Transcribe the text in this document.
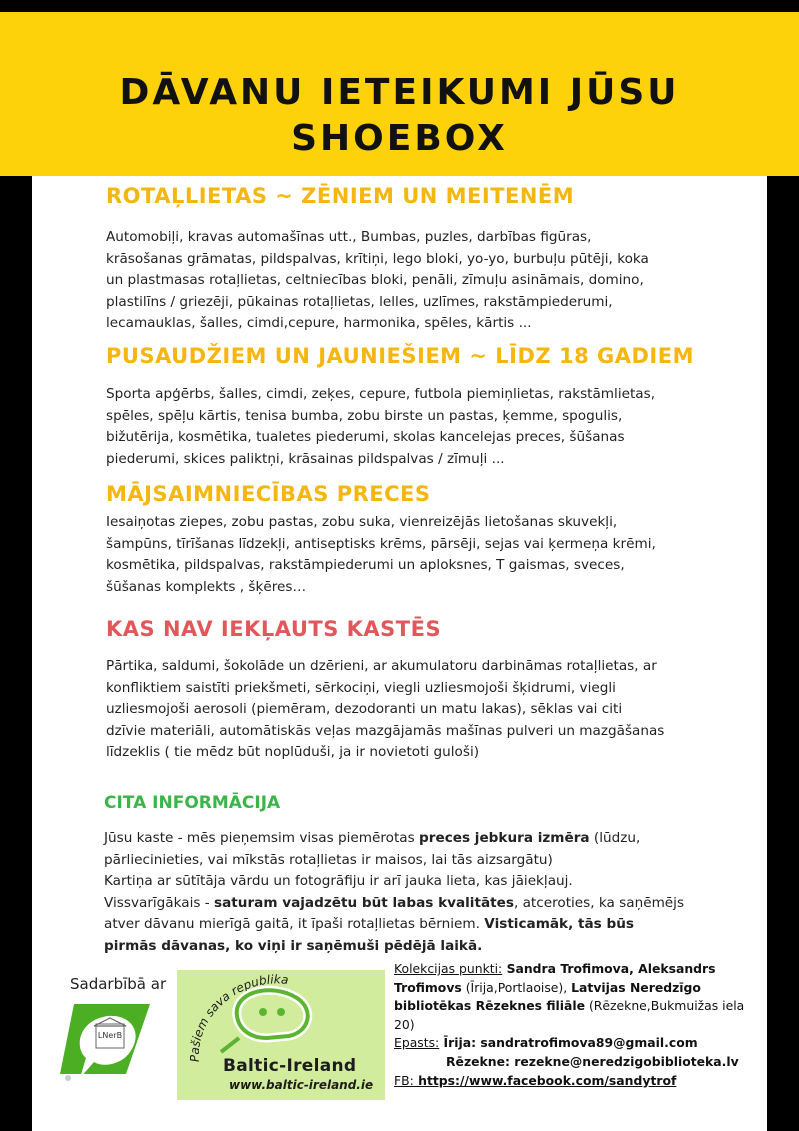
DĀVANU IETEIKUMI JŪSU
SHOEBOX
ROTAĻLIETAS ~ ZĒNIEM UN MEITENĒM
Automobiļi, kravas automašīnas utt., Bumbas, puzles, darbības figūras,
krāsošanas grāmatas, pildspalvas, krītiņi, lego bloki, yo-yo, burbuļu pūtēji, koka
un plastmasas rotaļlietas, celtniecības bloki, penāli, zīmuļu asināmais, domino,
plastilīns / griezēji, pūkainas rotaļlietas, lelles, uzlīmes, rakstāmpiederumi,
lecamauklas, šalles, cimdi,cepure, harmonika, spēles, kārtis ...
PUSAUDŽIEM UN JAUNIEŠIEM ~ LĪDZ 18 GADIEM
Sporta apģērbs, šalles, cimdi, zeķes, cepure, futbola piemiņlietas, rakstāmlietas,
spēles, spēļu kārtis, tenisa bumba, zobu birste un pastas, ķemme, spogulis,
bižutērija, kosmētika, tualetes piederumi, skolas kancelejas preces, šūšanas
piederumi, skices paliktņi, krāsainas pildspalvas / zīmuļi ...
MĀJSAIMNIECĪBAS PRECES
Iesaiņotas ziepes, zobu pastas, zobu suka, vienreizējās lietošanas skuvekļi,
šampūns, tīrīšanas līdzekļi, antiseptisks krēms, pārsēji, sejas vai ķermeņa krēmi,
kosmētika, pildspalvas, rakstāmpiederumi un aploksnes, T gaismas, sveces,
šūšanas komplekts , šķēres…
KAS NAV IEKĻAUTS KASTĒS
Pārtika, saldumi, šokolāde un dzērieni, ar akumulatoru darbināmas rotaļlietas, ar
konfliktiem saistīti priekšmeti, sērkociņi, viegli uzliesmojoši šķidrumi, viegli
uzliesmojoši aerosoli (piemēram, dezodoranti un matu lakas), sēklas vai citi
dzīvie materiāli, automātiskās veļas mazgājamās mašīnas pulveri un mazgāšanas
līdzeklis ( tie mēdz būt noplūduši, ja ir novietoti guloši)
CITA INFORMĀCIJA
Jūsu kaste - mēs pieņemsim visas piemērotas preces jebkura izmēra (lūdzu,
pārliecinieties, vai mīkstās rotaļlietas ir maisos, lai tās aizsargātu)
Kartiņa ar sūtītāja vārdu un fotogrāfiju ir arī jauka lieta, kas jāiekļauj.
Vissvarīgākais - saturam vajadzētu būt labas kvalitātes, atceroties, ka saņēmējs
atver dāvanu mierīgā gaitā, it īpaši rotaļlietas bērniem. Visticamāk, tās būs
pirmās dāvanas, ko viņi ir saņēmuši pēdējā laikā.
Sadarbībā ar
LNerB
Pašiem sava republika
Baltic-Ireland
www.baltic-ireland.ie
Kolekcijas punkti: Sandra Trofimova, Aleksandrs
Trofimovs (Īrija,Portlaoise), Latvijas Neredzīgo
bibliotēkas Rēzeknes filiāle (Rēzekne,Bukmuižas iela
20)
Epasts: Īrija: sandratrofimova89@gmail.com
Rēzekne: rezekne@neredzigobiblioteka.lv
FB: https://www.facebook.com/sandytrof
